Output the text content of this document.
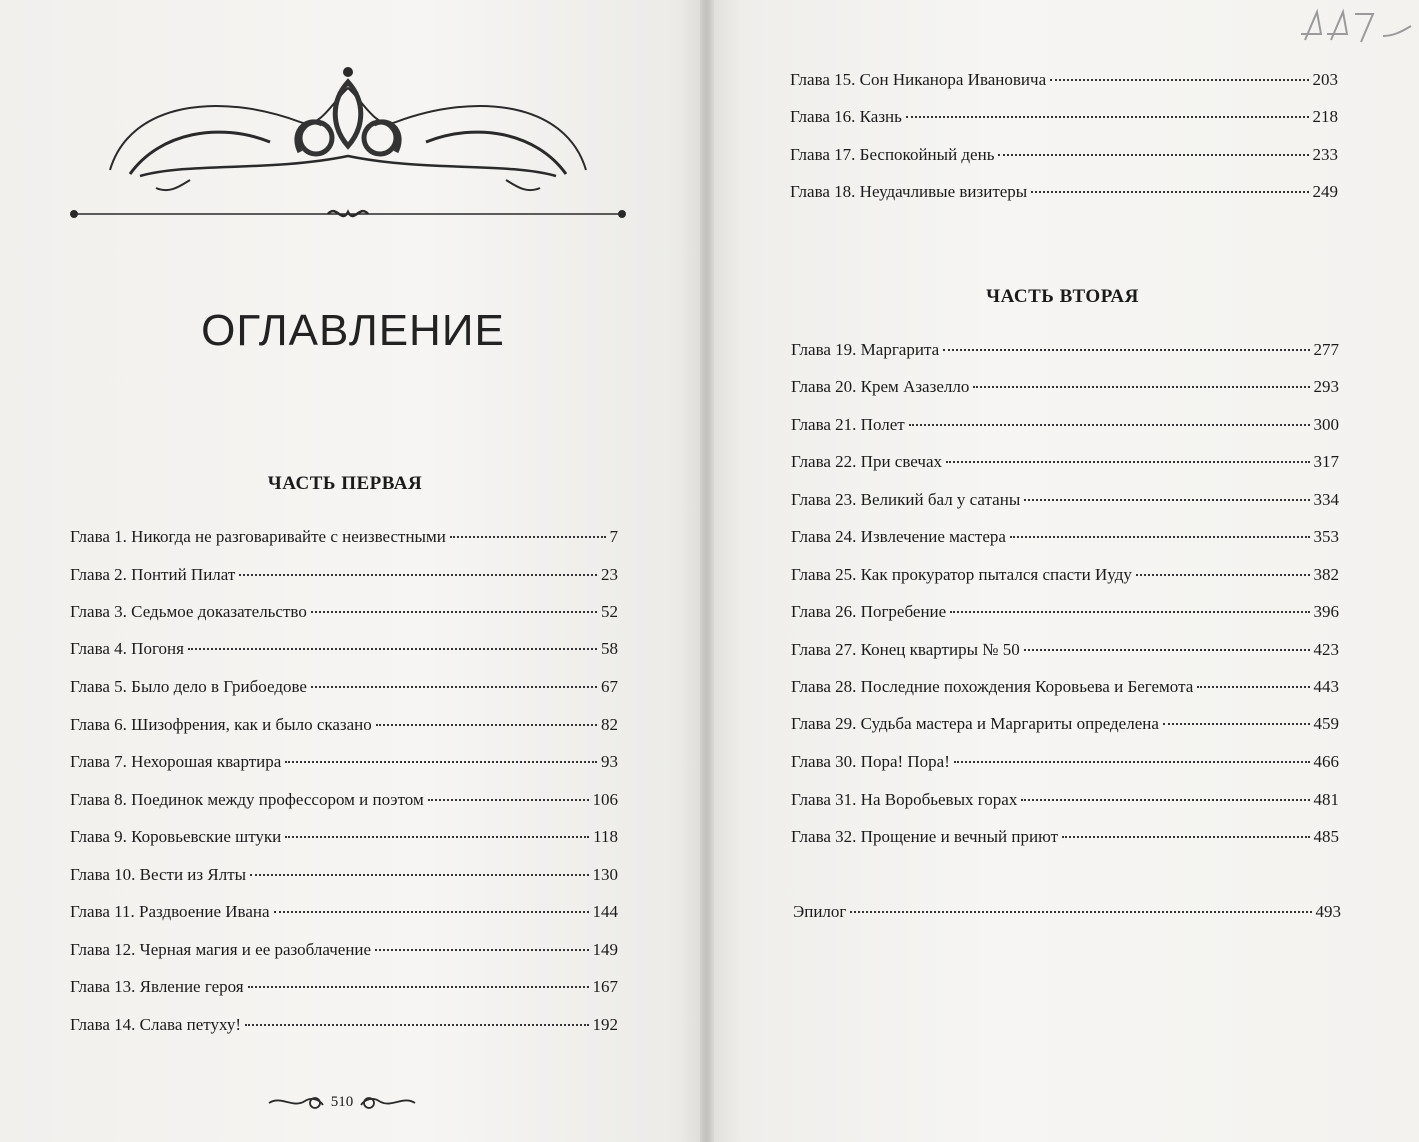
ОГЛАВЛЕНИЕ
ЧАСТЬ ПЕРВАЯ
Глава 1. Никогда не разговаривайте с неизвестными	7
Глава 2. Понтий Пилат	23
Глава 3. Седьмое доказательство	52
Глава 4. Погоня	58
Глава 5. Было дело в Грибоедове	67
Глава 6. Шизофрения, как и было сказано	82
Глава 7. Нехорошая квартира	93
Глава 8. Поединок между профессором и поэтом	106
Глава 9. Коровьевские штуки	118
Глава 10. Вести из Ялты	130
Глава 11. Раздвоение Ивана	144
Глава 12. Черная магия и ее разоблачение	149
Глава 13. Явление героя	167
Глава 14. Слава петуху!	192
Глава 15. Сон Никанора Ивановича	203
Глава 16. Казнь	218
Глава 17. Беспокойный день	233
Глава 18. Неудачливые визитеры	249
ЧАСТЬ ВТОРАЯ
Глава 19. Маргарита	277
Глава 20. Крем Азазелло	293
Глава 21. Полет	300
Глава 22. При свечах	317
Глава 23. Великий бал у сатаны	334
Глава 24. Извлечение мастера	353
Глава 25. Как прокуратор пытался спасти Иуду	382
Глава 26. Погребение	396
Глава 27. Конец квартиры № 50	423
Глава 28. Последние похождения Коровьева и Бегемота	443
Глава 29. Судьба мастера и Маргариты определена	459
Глава 30. Пора! Пора!	466
Глава 31. На Воробьевых горах	481
Глава 32. Прощение и вечный приют	485
Эпилог	493
510
